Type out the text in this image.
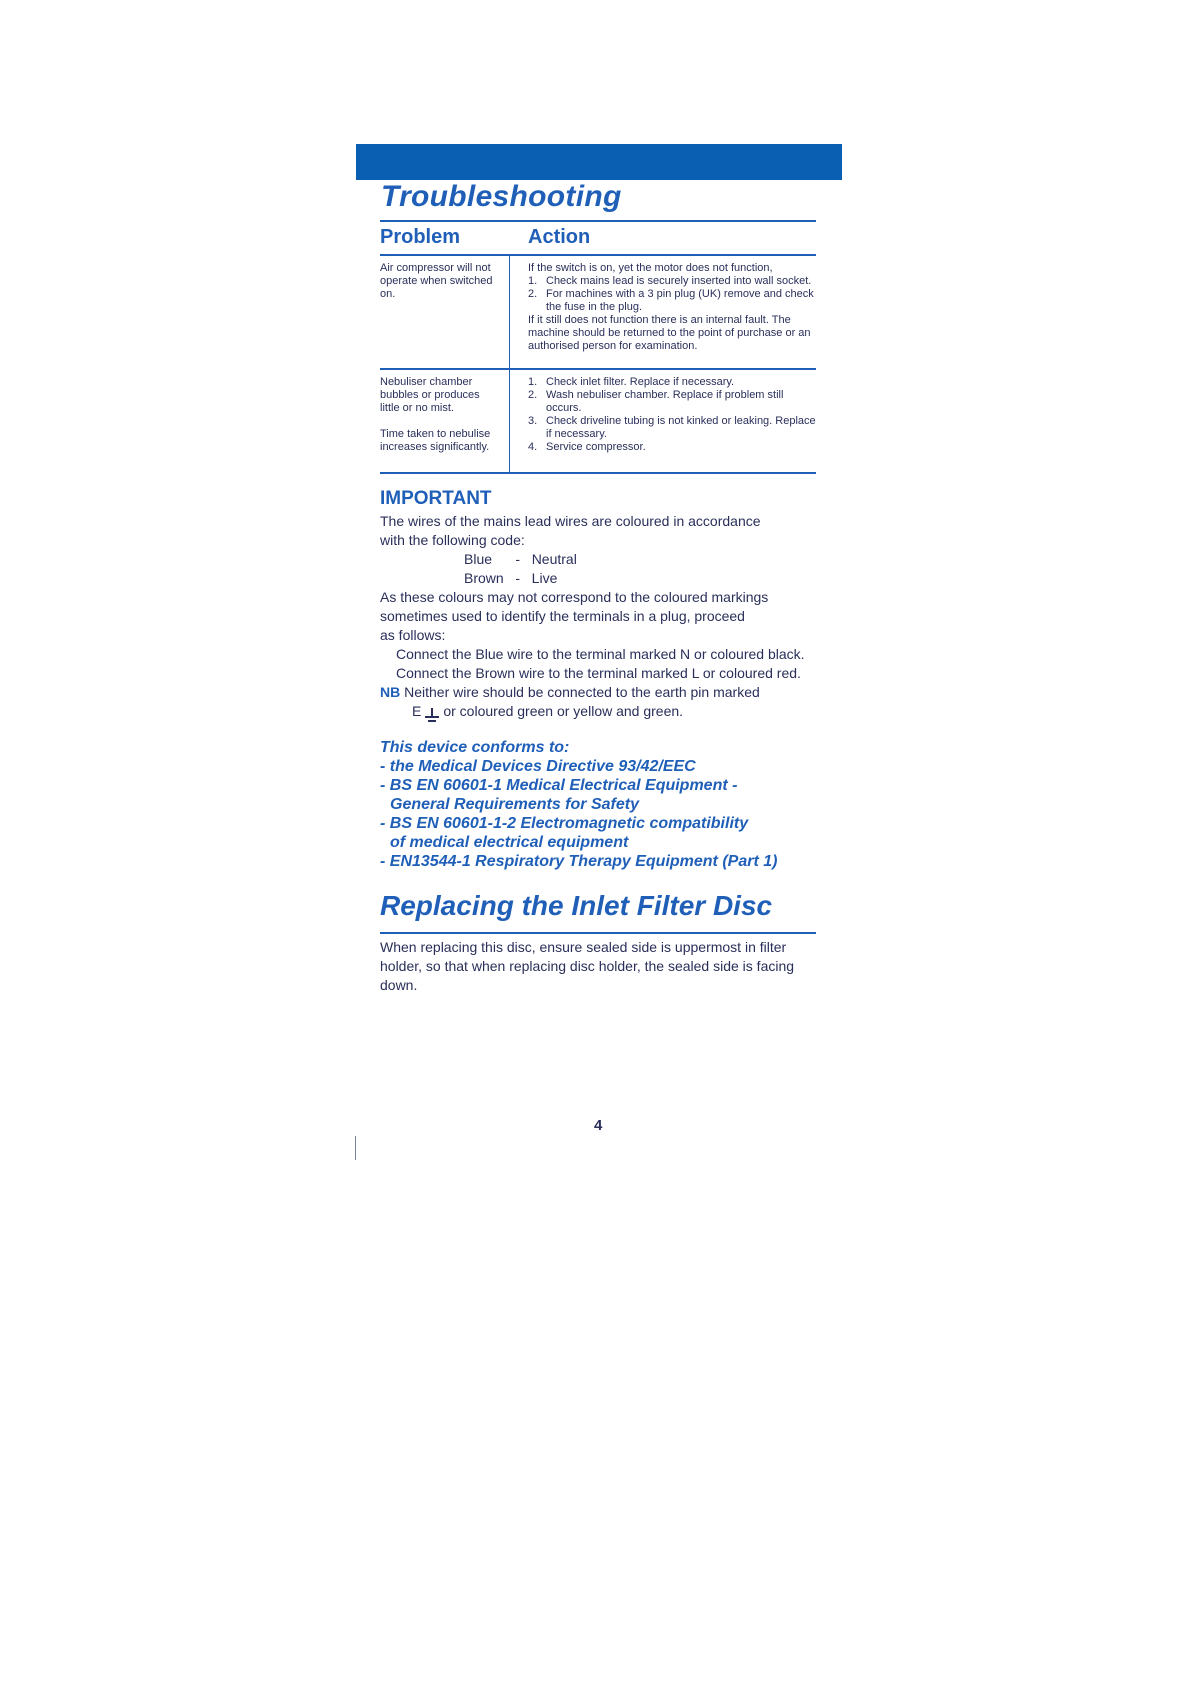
Troubleshooting
Problem	Action

Air compressor will not operate when switched on.

If the switch is on, yet the motor does not function,

1. Check mains lead is securely inserted into wall socket.

2. For machines with a 3 pin plug (UK) remove and check the fuse in the plug.

If it still does not function there is an internal fault. The machine should be returned to the point of purchase or an authorised person for examination.

Nebuliser chamber bubbles or produces little or no mist.

Time taken to nebulise increases significantly.

1. Check inlet filter. Replace if necessary.

2. Wash nebuliser chamber. Replace if problem still occurs.

3. Check driveline tubing is not kinked or leaking. Replace if necessary.

4. Service compressor.

IMPORTANT

The wires of the mains lead wires are coloured in accordance

with the following code:

Blue      -   Neutral

Brown   -   Live

As these colours may not correspond to the coloured markings

sometimes used to identify the terminals in a plug, proceed

as follows:

Connect the Blue wire to the terminal marked N or coloured black.

Connect the Brown wire to the terminal marked L or coloured red.

NB Neither wire should be connected to the earth pin marked

E or coloured green or yellow and green.

This device conforms to:

- the Medical Devices Directive 93/42/EEC

- BS EN 60601-1 Medical Electrical Equipment -

General Requirements for Safety

- BS EN 60601-1-2 Electromagnetic compatibility

of medical electrical equipment

- EN13544-1 Respiratory Therapy Equipment (Part 1)

Replacing the Inlet Filter Disc

When replacing this disc, ensure sealed side is uppermost in filter holder, so that when replacing disc holder, the sealed side is facing down.

4
